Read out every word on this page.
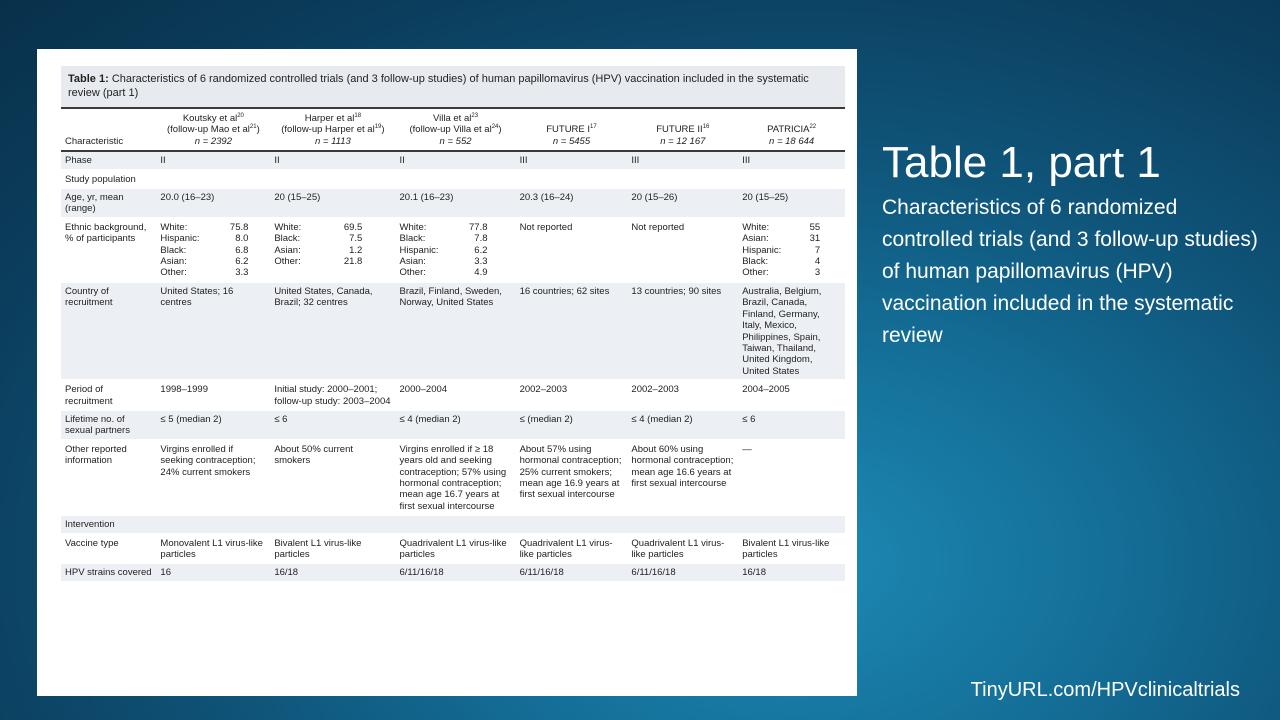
Table 1: Characteristics of 6 randomized controlled trials (and 3 follow-up studies) of human papillomavirus (HPV) vaccination included in the systematic review (part 1)
Characteristic	Koutsky et $al^{20}$
(follow-up Mao et $al^{21}$)
n = 2392	Harper et $al^{18}$
(follow-up Harper et $al^{19}$)
n = 1113	Villa et $al^{23}$
(follow-up Villa et $al^{24}$)
n = 552	FUTURE $I^{17}$
n = 5455	FUTURE II$^{16}$
n = 12 167	PATRICIA$^{22}$
n = 18 644
Phase	II	II	II	III	III	III
Study population						
Age, yr, mean (range)	20.0 (16–23)	20 (15–25)	20.1 (16–23)	20.3 (16–24)	20 (15–26)	20 (15–25)
Ethnic background, % of participants	White: 75.8
Hispanic: 8.0
Black: 6.8
Asian: 6.2
Other: 3.3	White: 69.5
Black: 7.5
Asian: 1.2
Other: 21.8	White: 77.8
Black: 7.8
Hispanic: 6.2
Asian: 3.3
Other: 4.9	Not reported	Not reported	White: 55
Asian: 31
Hispanic: 7
Black: 4
Other: 3

Country of recruitment	United States; 16 centres	United States, Canada, Brazil; 32 centres	Brazil, Finland, Sweden, Norway, United States	16 countries; 62 sites	13 countries; 90 sites	Australia, Belgium, Brazil, Canada, Finland, Germany, Italy, Mexico, Philippines, Spain, Taiwan, Thailand, United Kingdom, United States
Period of recruitment	1998–1999	Initial study: 2000–2001; follow-up study: 2003–2004	2000–2004	2002–2003	2002–2003	2004–2005
Lifetime no. of sexual partners	≤ 5 (median 2)	≤ 6	≤ 4 (median 2)	≤ (median 2)	≤ 4 (median 2)	≤ 6
Other reported information	Virgins enrolled if seeking contraception; 24% current smokers	About 50% current smokers	Virgins enrolled if ≥ 18 years old and seeking contraception; 57% using hormonal contraception; mean age 16.7 years at first sexual intercourse	About 57% using hormonal contraception; 25% current smokers; mean age 16.9 years at first sexual intercourse	About 60% using hormonal contraception; mean age 16.6 years at first sexual intercourse	—
Intervention						
Vaccine type	Monovalent L1 virus-like particles	Bivalent L1 virus-like particles	Quadrivalent L1 virus-like particles	Quadrivalent L1 virus-like particles	Quadrivalent L1 virus-like particles	Bivalent L1 virus-like particles
HPV strains covered	16	16/18	6/11/16/18	6/11/16/18	6/11/16/18	16/18
Table 1, part 1

Characteristics of 6 randomized controlled trials (and 3 follow-up studies) of human papillomavirus (HPV) vaccination included in the systematic review

TinyURL.com/HPVclinicaltrials
